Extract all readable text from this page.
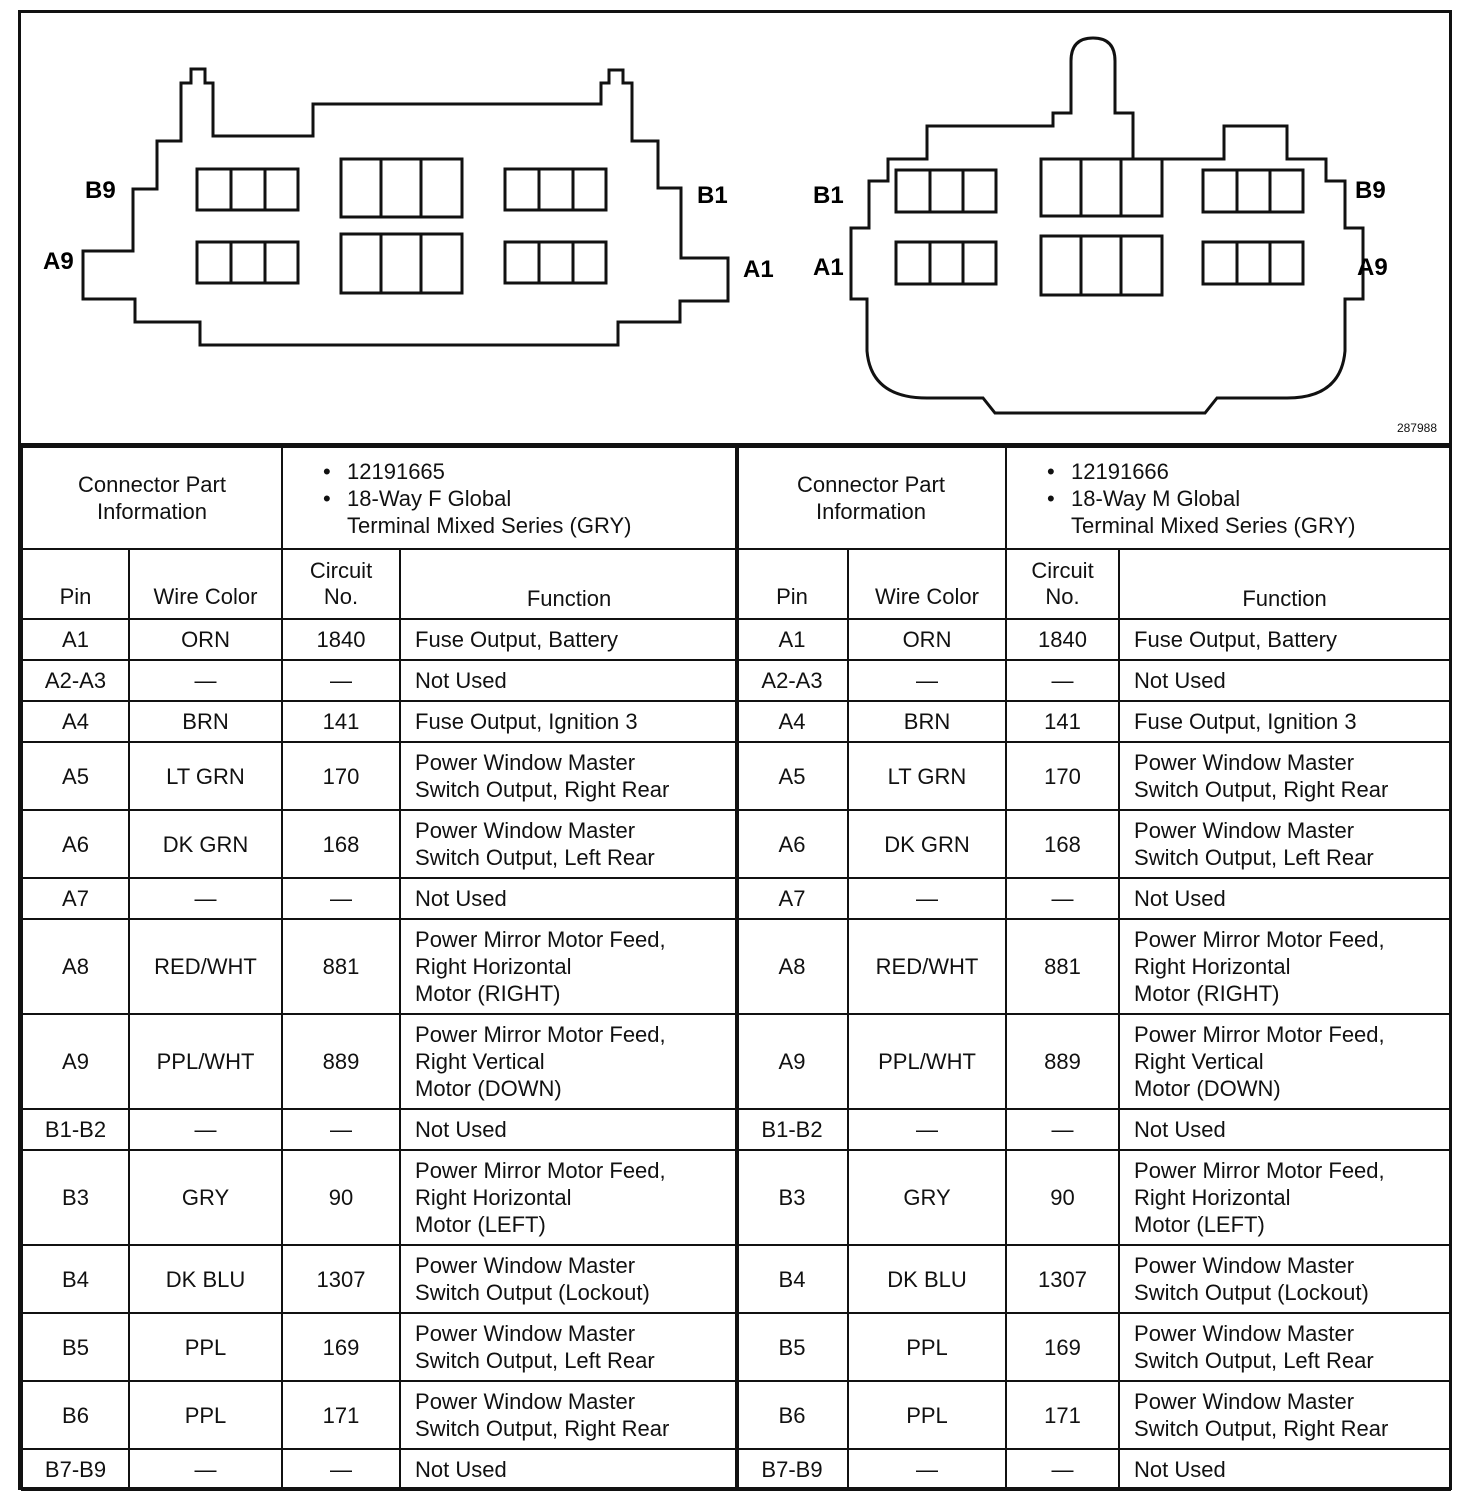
B9
A9
B1
A1
B1
A1
B9
A9
287988
Connector Part Information		• 12191665
• 18-Way F Global
Terminal Mixed Series (GRY)

Pin	Wire Color	Circuit No.	Function
A1	ORN	1840	Fuse Output, Battery
A2-A3	—	—	Not Used
A4	BRN	141	Fuse Output, Ignition 3
A5	LT GRN	170	Power Window Master
Switch Output, Right Rear
A6	DK GRN	168	Power Window Master
Switch Output, Left Rear
A7	—	—	Not Used
A8	RED/WHT	881	Power Mirror Motor Feed,
Right Horizontal
Motor (RIGHT)
A9	PPL/WHT	889	Power Mirror Motor Feed,
Right Vertical
Motor (DOWN)
B1-B2	—	—	Not Used
B3	GRY	90	Power Mirror Motor Feed,
Right Horizontal
Motor (LEFT)
B4	DK BLU	1307	Power Window Master
Switch Output (Lockout)
B5	PPL	169	Power Window Master
Switch Output, Left Rear
B6	PPL	171	Power Window Master
Switch Output, Right Rear
B7-B9	—	—	Not Used
Connector Part Information		• 12191666
• 18-Way M Global
Terminal Mixed Series (GRY)

Pin	Wire Color	Circuit No.	Function
A1	ORN	1840	Fuse Output, Battery
A2-A3	—	—	Not Used
A4	BRN	141	Fuse Output, Ignition 3
A5	LT GRN	170	Power Window Master
Switch Output, Right Rear
A6	DK GRN	168	Power Window Master
Switch Output, Left Rear
A7	—	—	Not Used
A8	RED/WHT	881	Power Mirror Motor Feed,
Right Horizontal
Motor (RIGHT)
A9	PPL/WHT	889	Power Mirror Motor Feed,
Right Vertical
Motor (DOWN)
B1-B2	—	—	Not Used
B3	GRY	90	Power Mirror Motor Feed,
Right Horizontal
Motor (LEFT)
B4	DK BLU	1307	Power Window Master
Switch Output (Lockout)
B5	PPL	169	Power Window Master
Switch Output, Left Rear
B6	PPL	171	Power Window Master
Switch Output, Right Rear
B7-B9	—	—	Not Used
